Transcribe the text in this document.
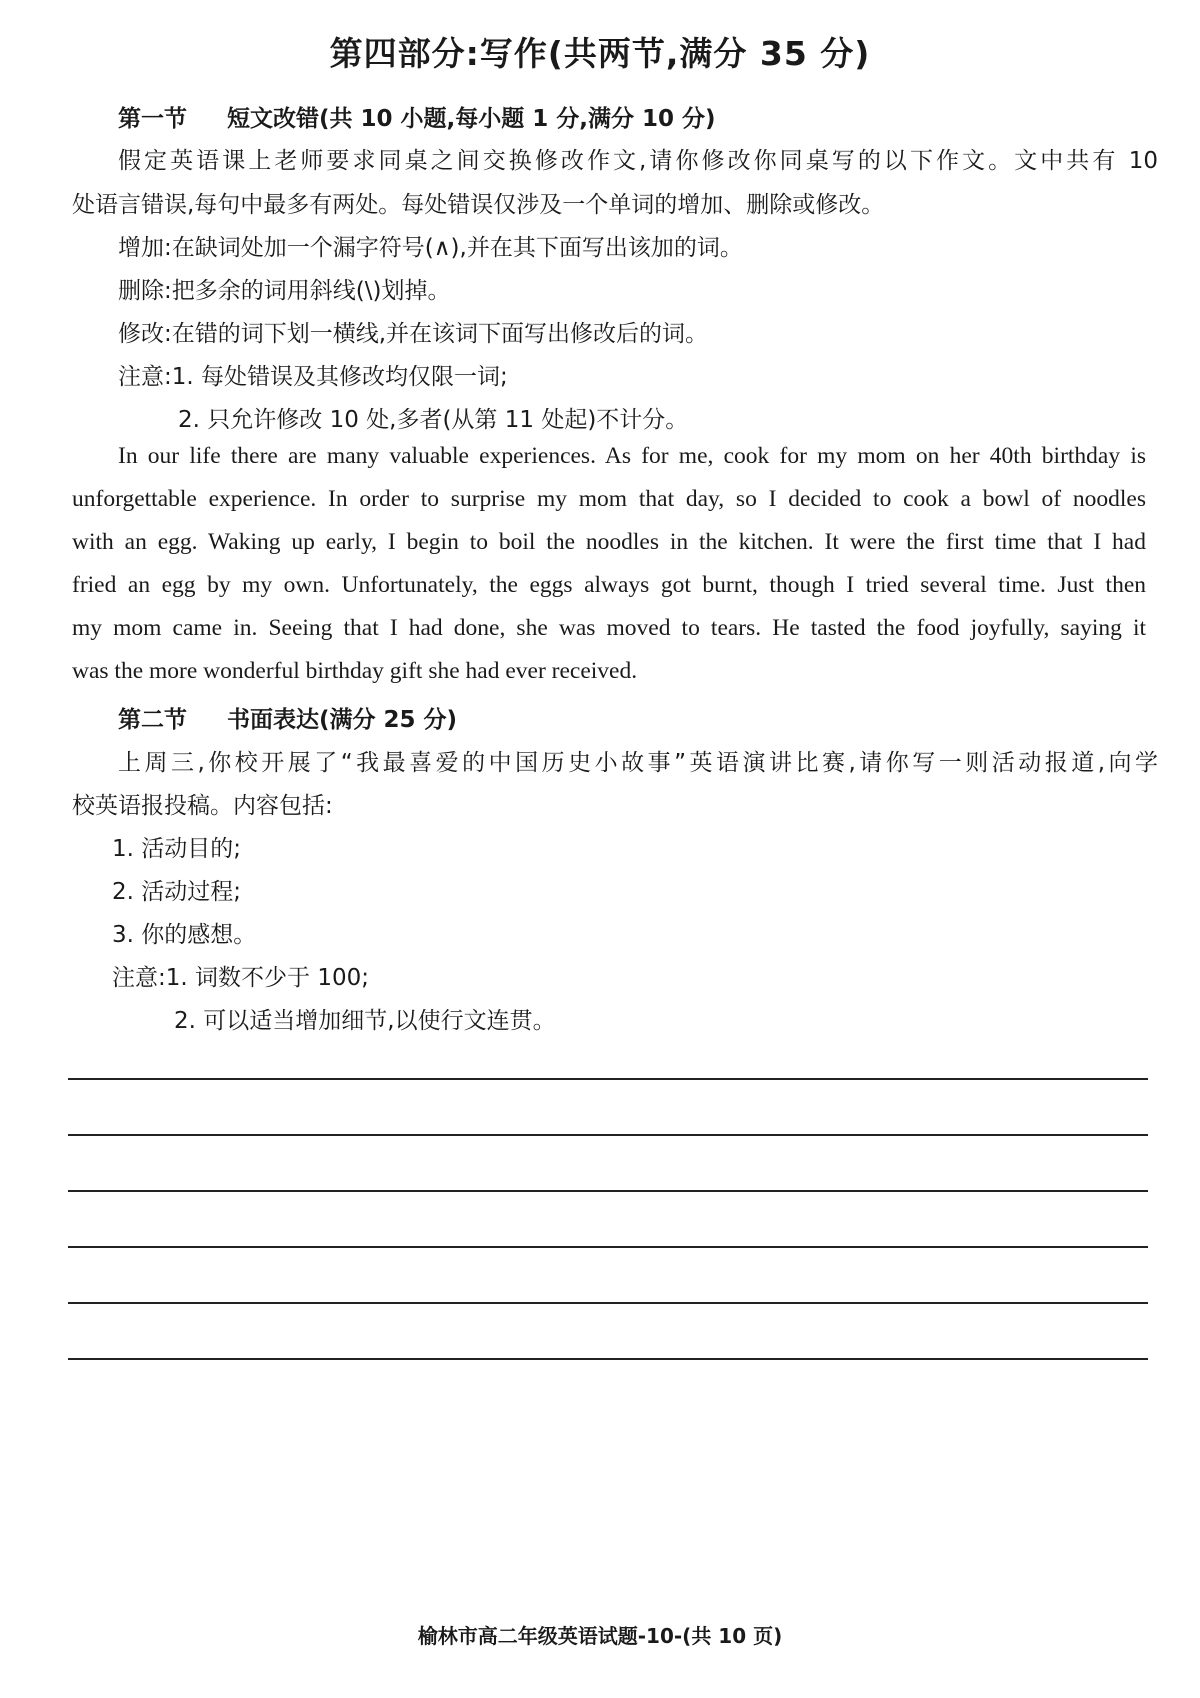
第四部分:写作(共两节,满分 35 分)
第一节 短文改错(共 10 小题,每小题 1 分,满分 10 分)
假定英语课上老师要求同桌之间交换修改作文,请你修改你同桌写的以下作文。文中共有 10
处语言错误,每句中最多有两处。每处错误仅涉及一个单词的增加、删除或修改。
增加:在缺词处加一个漏字符号(∧),并在其下面写出该加的词。
删除:把多余的词用斜线(\)划掉。
修改:在错的词下划一横线,并在该词下面写出修改后的词。
注意:1. 每处错误及其修改均仅限一词;
2. 只允许修改 10 处,多者(从第 11 处起)不计分。
In our life there are many valuable experiences. As for me, cook for my mom on her 40th birthday is
unforgettable experience. In order to surprise my mom that day, so I decided to cook a bowl of noodles
with an egg. Waking up early, I begin to boil the noodles in the kitchen. It were the first time that I had
fried an egg by my own. Unfortunately, the eggs always got burnt, though I tried several time. Just then
my mom came in. Seeing that I had done, she was moved to tears. He tasted the food joyfully, saying it
was the more wonderful birthday gift she had ever received.
第二节 书面表达(满分 25 分)
上周三,你校开展了“我最喜爱的中国历史小故事”英语演讲比赛,请你写一则活动报道,向学
校英语报投稿。内容包括:
1. 活动目的;
2. 活动过程;
3. 你的感想。
注意:1. 词数不少于 100;
2. 可以适当增加细节,以使行文连贯。
榆林市高二年级英语试题-10-(共 10 页)
